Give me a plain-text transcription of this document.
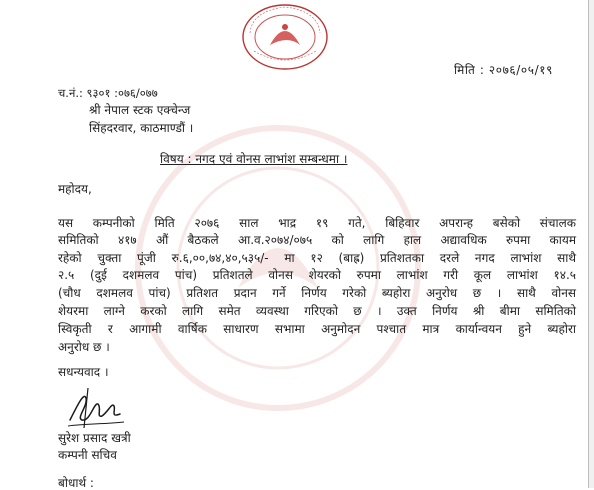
मिति : २०७६/०५/१९
च.नं.: ९३०१ :०७६/०७७
श्री नेपाल स्टक एक्चेन्ज
सिंहदरवार, काठमाण्डौं ।
विषय : नगद एवं वोनस लाभांश सम्बन्धमा ।
महोदय,
यस कम्पनीको मिति २०७६ साल भाद्र १९ गते, बिहिवार अपरान्ह बसेको संचालक
समितिको ४१७ औं बैठकले आ.व.२०७४/०७५ को लागि हाल अद्यावधिक रुपमा कायम
रहेको चुक्ता पूंजी रु.६,००,७४,४०,५३५/- मा १२ (बाह्र) प्रतिशतका दरले नगद लाभांश साथै
२.५ (दुई दशमलव पांच) प्रतिशतले वोनस शेयरको रुपमा लाभांश गरी कूल लाभांश १४.५
(चौध दशमलव पांच) प्रतिशत प्रदान गर्ने निर्णय गरेको ब्यहोरा अनुरोध छ । साथै वोनस
शेयरमा लाग्ने करको लागि समेत व्यवस्था गरिएको छ । उक्त निर्णय श्री बीमा समितिको
स्विकृती र आगामी वार्षिक साधारण सभामा अनुमोदन पश्चात मात्र कार्यान्वयन हुने ब्यहोरा
अनुरोध छ ।
सधन्यवाद ।
सुरेश प्रसाद खत्री
कम्पनी सचिव
बोधार्थ :
